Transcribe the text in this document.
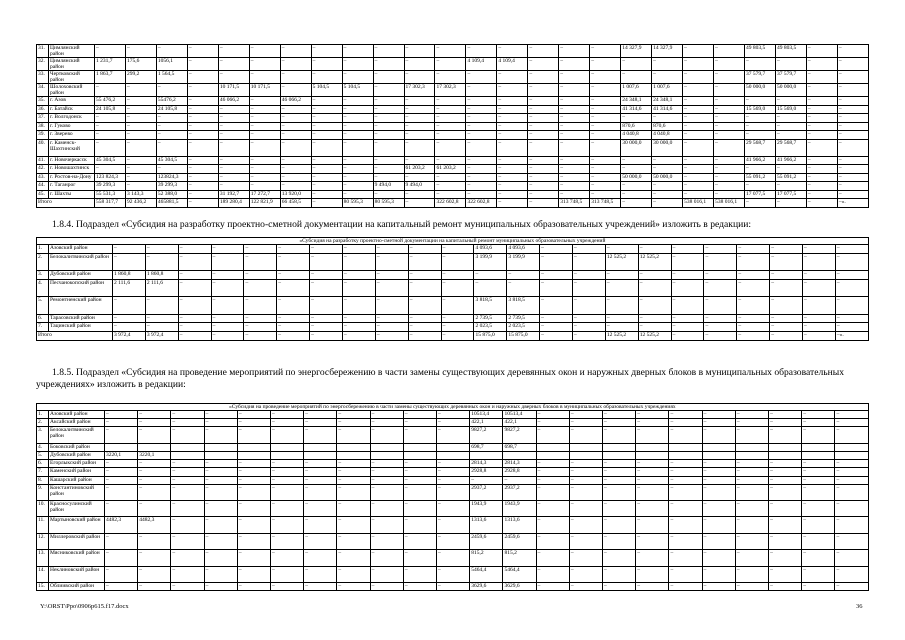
31.	Цимлянский район	–	–	–	–	–	–	–	–	–	–	–	–	–	–	–	–	–	14 327,9	14 327,9	–	–	49 803,5	49 803,5	–	–
32.	Цимлянский район	1 231,7	175,6	1056,1	–	–	–	–	–	–	–	–	–	4 109,4	4 109,4	–	–	–	–	–	–	–	–	–	–	–
33.	Чертковский район	1 863,7	299,2	1 564,5	–	–	–	–	–	–	–	–	–	–	–	–	–	–	–	–	–	–	37 579,7	37 579,7	–	–
34.	Шолоховский район	–	–	–	–	10 171,5	10 171,5	–	5 104,5	5 104,5	–	17 302,3	17 302,3	–	–	–	–	–	1 007,6	1 007,6	–	–	50 000,0	50 000,0	–	–
35.	г. Азов	55 476,2	–	55476,2	–	46 066,2	–	46 066,2	–	–	–	–	–	–	–	–	–	–	24 348,1	24 348,1	–	–	–	–	–	–
36.	г. Батайск	24 105,8	–	24 105,8	–	–	–	–	–	–	–	–	–	–	–	–	–	–	41 314,6	41 314,6	–	–	15 569,0	15 569,0	–	–
37.	г. Волгодонск	–	–	–	–	–	–	–	–	–	–	–	–	–	–	–	–	–	–	–	–	–	–	–	–	–
38.	г. Гуково	–	–	–	–	–	–	–	–	–	–	–	–	–	–	–	–	–	870,6	870,6	–	–	–	–	–	–
39.	г. Зверево	–	–	–	–	–	–	–	–	–	–	–	–	–	–	–	–	–	4 040,8	4 040,8	–	–	–	–	–	–
40.	г. Каменск-Шахтинский	–	–	–	–	–	–	–	–	–	–	–	–	–	–	–	–	–	30 000,0	30 000,0	–	–	29 568,7	29 568,7	–	–
41.	г. Новочеркасск	45 304,5	–	45 304,5	–	–	–	–	–	–	–	–	–	–	–	–	–	–	–	–	–	–	41 966,2	41 966,2	–	–
42.	г. Новошахтинск	–	–	–	–	–	–	–	–	–	–	61 203,2	61 203,2	–	–	–	–	–	–	–	–	–	–	–	–	–
43.	г. Ростов-на-Дону	123 824,3	–	123824,3	–	–	–	–	–	–	–	–	–	–	–	–	–	–	50 000,0	50 000,0	–	–	55 091,2	55 091,2	–	–
44.	г. Таганрог	39 299,3	–	39 299,3	–	–	–	–	–	–	9 494,0	9 494,0	–	–	–	–	–	–	–	–	–	–	–	–	–	–
45.	г. Шахты	55 531,3	3 143,3	52 388,0	–	31 192,7	17 272,7	13 920,0	–	–	–	–	–	–	–	–	–	–	–	–	–	–	17 077,5	17 077,5	–	–
Итого		558 317,7	92 436,2	465881,5	–	189 280,4	122 821,9	66 458,5	–	80 595,3	80 595,3	–	322 602,8	322 602,8	–	–	313 748,5	313 748,5	–	–	538 016,1	538 016,1	–	–	–	–».
1.8.4. Подраздел «Субсидия на разработку проектно-сметной документации на капитальный ремонт муниципальных образовательных учреждений» изложить в редакции:
«Субсидия на разработку проектно-сметной документации на капитальный ремонт муниципальных образовательных учреждений																								
1.	Азовский район	–	–	–	–	–	–	–	–	–	–	–	4 093,6	4 093,6	–	–	–	–	–	–	–	–	–	–
2.	Белокалитвинский район	–	–	–	–	–	–	–	–	–	–	–	3 199,9	3 199,9	–	–	12 525,2	12 525,2	–	–	–	–	–	–
3.	Дубовский район	1 860,8	1 860,8	–	–	–	–	–	–	–	–	–	–	–	–	–	–	–	–	–	–	–	–	–
4.	Песчанокопский район	2 111,6	2 111,6	–	–	–	–	–	–	–	–	–	–	–	–	–	–	–	–	–	–	–	–	–
5.	Ремонтненский район	–	–	–	–	–	–	–	–	–	–	–	3 818,5	3 818,5	–	–	–	–	–	–	–	–	–	–
6.	Тарасовский район	–	–	–	–	–	–	–	–	–	–	–	2 739,5	2 739,5	–	–	–	–	–	–	–	–	–	–
7.	Тацинский район	–	–	–	–	–	–	–	–	–	–	–	2 023,5	2 023,5	–	–	–	–	–	–	–	–	–	–
Итого		3 972,4	3 972,4	–	–	–	–	–	–	–	–	–	15 875,0	15 875,0	–	–	12 525,2	12 525,2	–	–	–	–	–	–».
1.8.5. Подраздел «Субсидия на проведение мероприятий по энергосбережению в части замены существующих деревянных окон и наружных дверных блоков в муниципальных образовательных учреждениях» изложить в редакции:
«Субсидия на проведение мероприятий по энергосбережению в части замены существующих деревянных окон и наружных дверных блоков в муниципальных образовательных учреждениях																								
1.	Азовский район	–	–	–	–	–	–	–	–	–	–	–	10513,4	10513,4	–	–	–	–	–	–	–	–	–	–
2.	Аксайский район	–	–	–	–	–	–	–	–	–	–	–	422,1	422,1	–	–	–	–	–	–	–	–	–	–
3.	Белокалитвинский район	–	–	–	–	–	–	–	–	–	–	–	9827,2	9827,2	–	–	–	–	–	–	–	–	–	–
4.	Боковский район												698,7	698,7										
5.	Дубовский район	3220,1	3220,1																					
6.	Егорлыкский район	–	–	–	–	–	–	–	–	–	–	–	2814,3	2814,3	–	–	–	–	–	–	–	–	–	–
7.	Каменский район	–	–	–	–	–	–	–	–	–	–	–	2928,8	2928,8	–	–	–	–	–	–	–	–	–	–
8.	Кашарский район	–	–	–	–	–	–	–	–	–	–	–	–	–	–	–	–	–	–	–	–	–	–	–
9.	Константиновский район	–	–	–	–	–	–	–	–	–	–	–	2937,2	2937,2	–	–	–	–	–	–	–	–	–	–
10.	Красносулинский район	–	–	–	–	–	–	–	–	–	–	–	1943,9	1943,9	–	–	–	–	–	–	–	–	–	–
11.	Мартыновский район	4482,3	4482,3	–	–	–	–	–	–	–	–	–	1313,6	1313,6	–	–	–	–	–	–	–	–	–	–
12.	Миллеровский район	–	–	–	–	–	–	–	–	–	–	–	2459,6	2459,6	–	–	–	–	–	–	–	–	–	–
13.	Мясниковский район	–	–	–	–	–	–	–	–	–	–	–	815,2	815,2	–	–	–	–	–	–	–	–	–	–
14.	Неклиновский район	–	–	–	–	–	–	–	–	–	–	–	5464,4	5464,4	–	–	–	–	–	–	–	–	–	–
15.	Облиивский район	–	–	–	–	–	–	–	–	–	–	–	3629,6	3629,6	–	–	–	–	–	–	–	–	–	–
Y:\ORST\Ppo\0906p615.f17.docx	36
